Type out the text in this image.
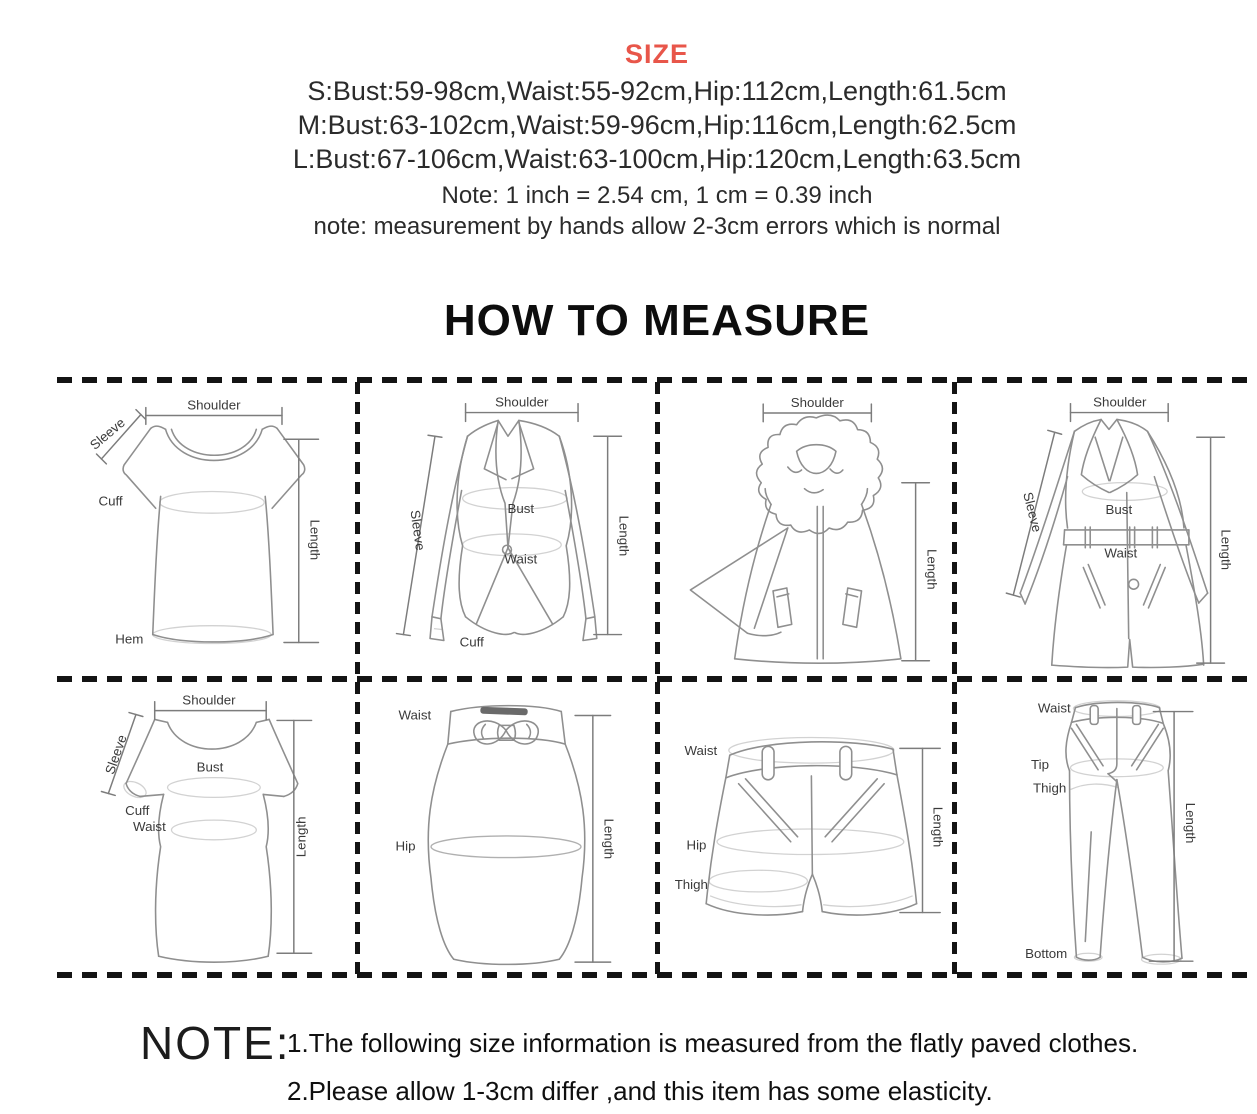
SIZE
S:Bust:59-98cm,Waist:55-92cm,Hip:112cm,Length:61.5cm
M:Bust:63-102cm,Waist:59-96cm,Hip:116cm,Length:62.5cm
L:Bust:67-106cm,Waist:63-100cm,Hip:120cm,Length:63.5cm
Note: 1 inch = 2.54 cm, 1 cm = 0.39 inch
note: measurement by hands allow 2-3cm errors which is normal
HOW TO MEASURE
Shoulder
Sleeve
Cuff
Hem
Length
Shoulder
Sleeve
Bust
Waist
Cuff
Length
Shoulder
Length
Shoulder
Sleeve	Bust
Waist	Length
Shoulder
Sleeve	Bust
Cuff
Waist	Length
Waist
Hip	Length
Waist
Hip
Thigh
Length
Waist
Tip
Thigh
Bottom
Length
NOTE:
1.The following size information is measured from the flatly paved clothes.
2.Please allow 1-3cm differ ,and this item has some elasticity.
